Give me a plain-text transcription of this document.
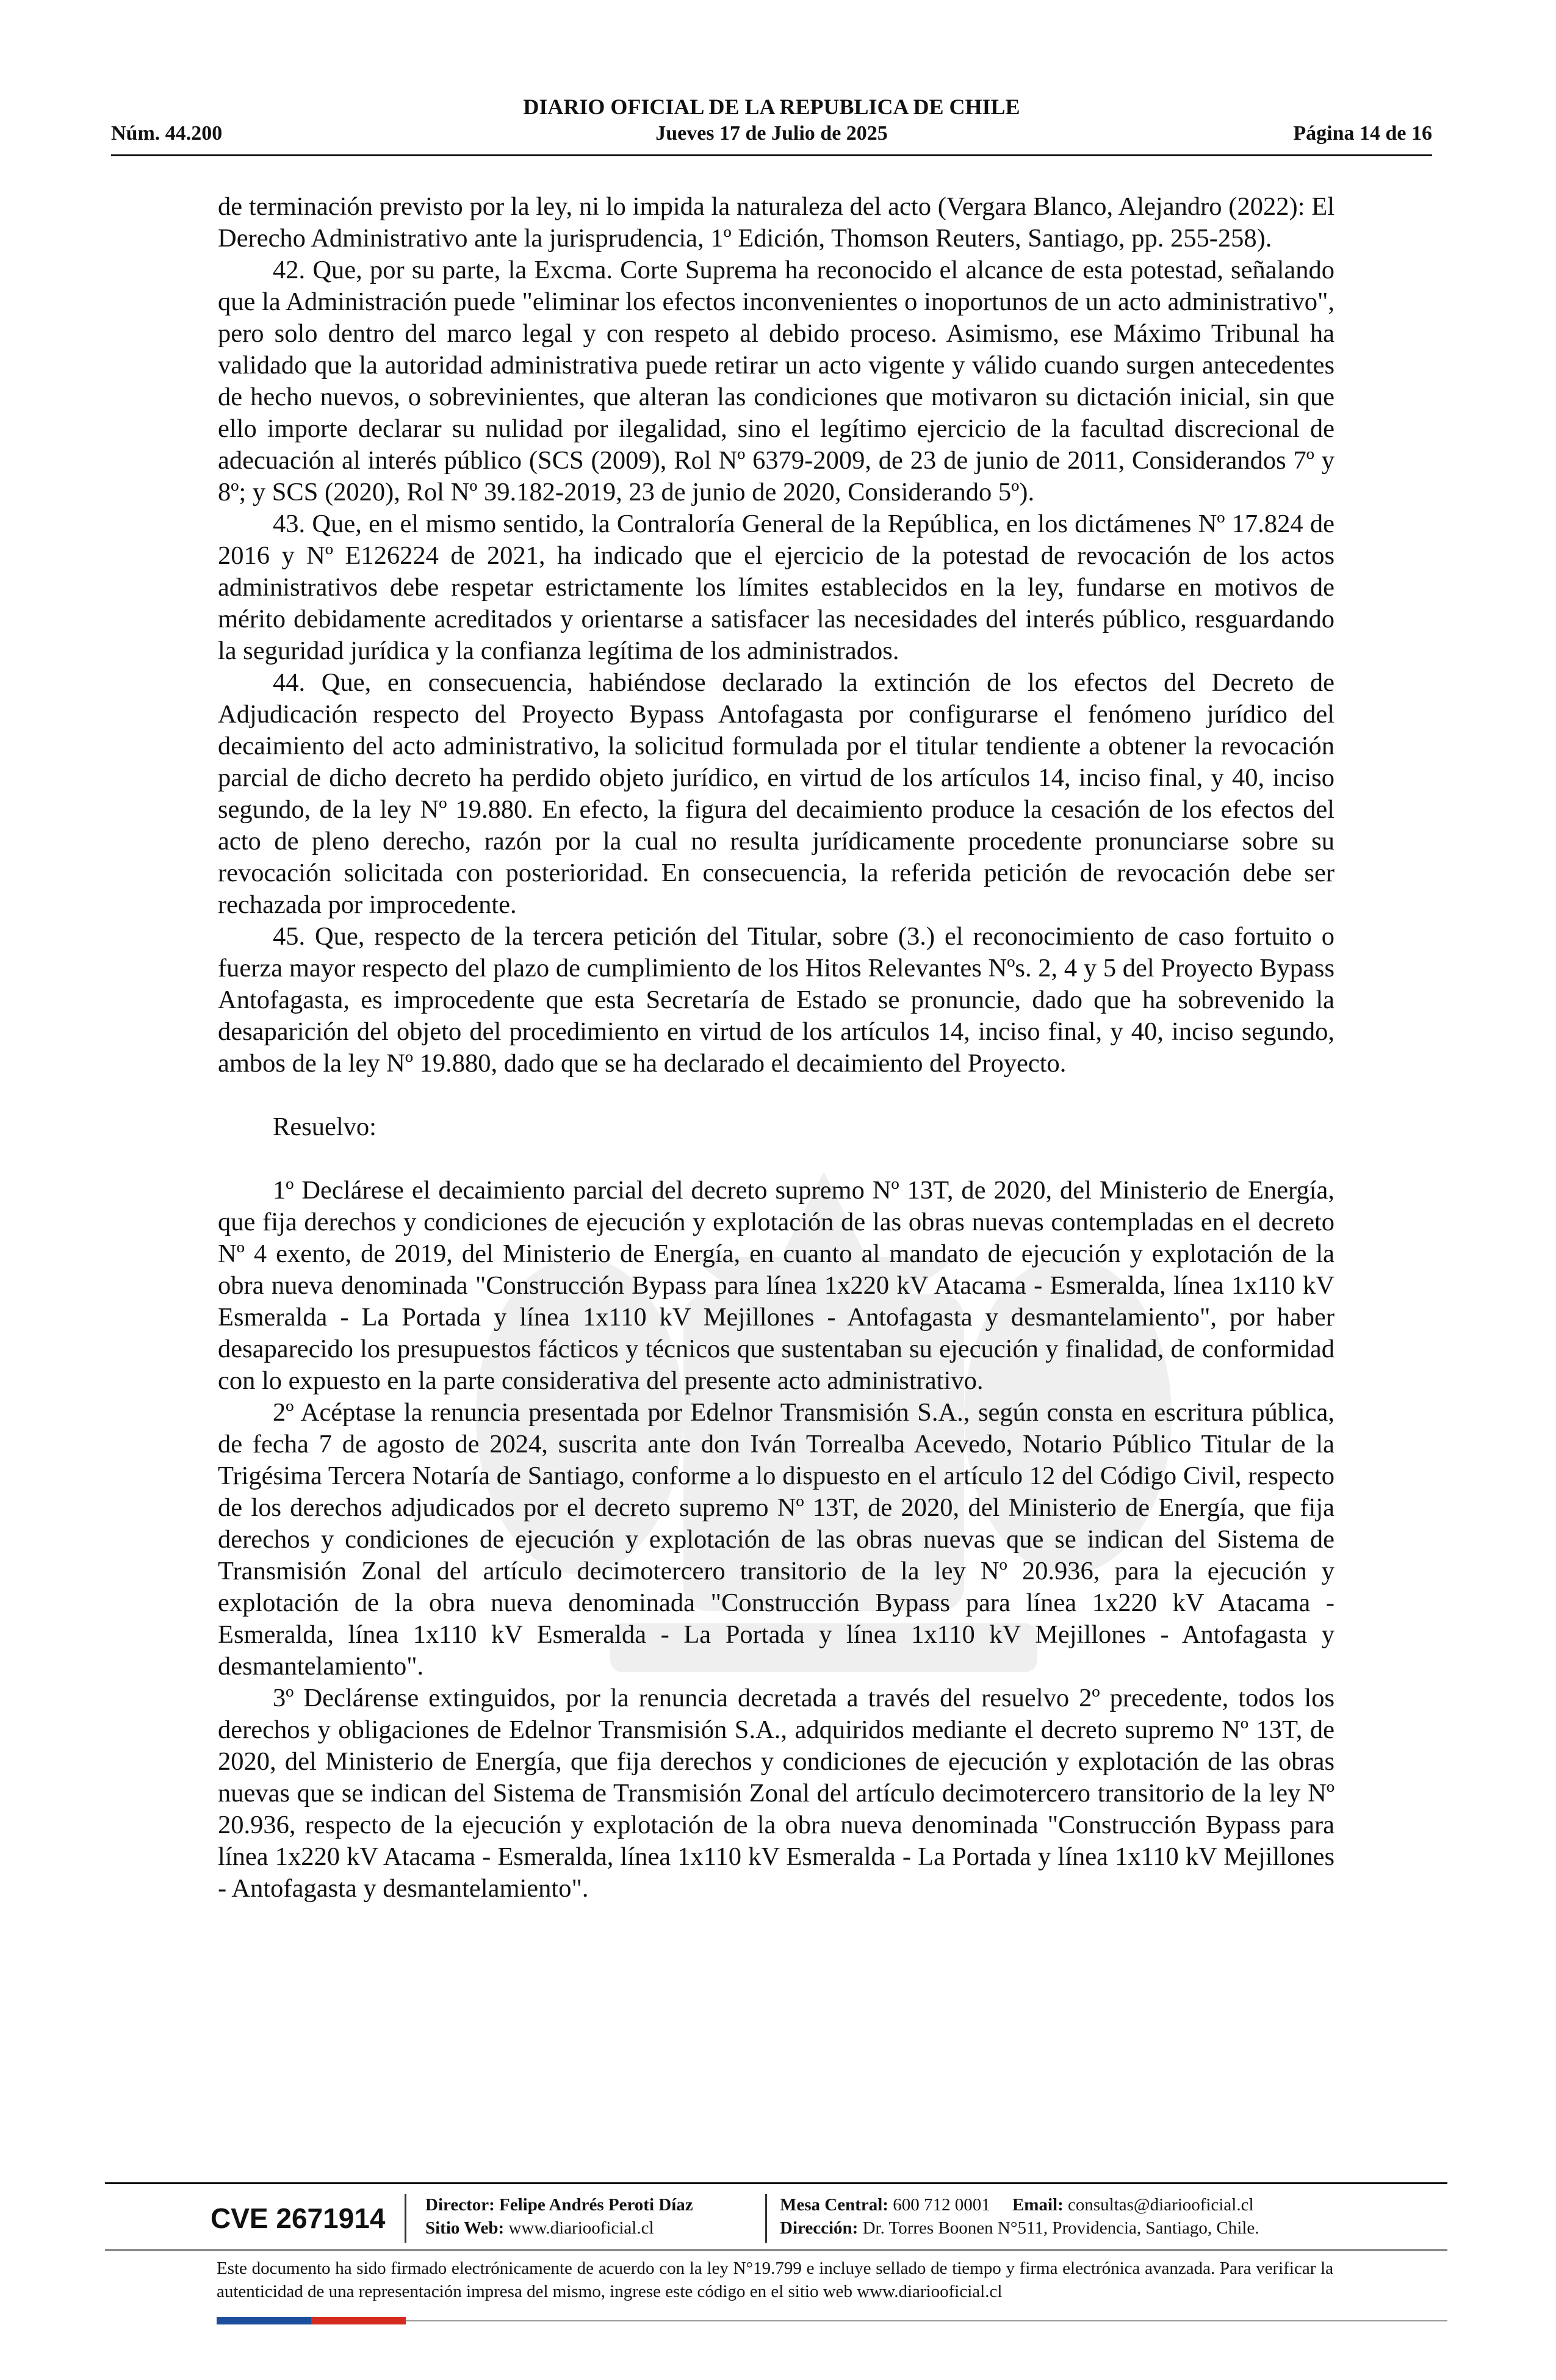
DIARIO OFICIAL DE LA REPUBLICA DE CHILE
Núm. 44.200	Jueves 17 de Julio de 2025	Página 14 de 16

de terminación previsto por la ley, ni lo impida la naturaleza del acto (Vergara Blanco, Alejandro (2022): El Derecho Administrativo ante la jurisprudencia, 1º Edición, Thomson Reuters, Santiago, pp. 255-258).

42. Que, por su parte, la Excma. Corte Suprema ha reconocido el alcance de esta potestad, señalando que la Administración puede "eliminar los efectos inconvenientes o inoportunos de un acto administrativo", pero solo dentro del marco legal y con respeto al debido proceso. Asimismo, ese Máximo Tribunal ha validado que la autoridad administrativa puede retirar un acto vigente y válido cuando surgen antecedentes de hecho nuevos, o sobrevinientes, que alteran las condiciones que motivaron su dictación inicial, sin que ello importe declarar su nulidad por ilegalidad, sino el legítimo ejercicio de la facultad discrecional de adecuación al interés público (SCS (2009), Rol Nº 6379-2009, de 23 de junio de 2011, Considerandos 7º y 8º; y SCS (2020), Rol Nº 39.182-2019, 23 de junio de 2020, Considerando 5º).

43. Que, en el mismo sentido, la Contraloría General de la República, en los dictámenes Nº 17.824 de 2016 y Nº E126224 de 2021, ha indicado que el ejercicio de la potestad de revocación de los actos administrativos debe respetar estrictamente los límites establecidos en la ley, fundarse en motivos de mérito debidamente acreditados y orientarse a satisfacer las necesidades del interés público, resguardando la seguridad jurídica y la confianza legítima de los administrados.

44. Que, en consecuencia, habiéndose declarado la extinción de los efectos del Decreto de Adjudicación respecto del Proyecto Bypass Antofagasta por configurarse el fenómeno jurídico del decaimiento del acto administrativo, la solicitud formulada por el titular tendiente a obtener la revocación parcial de dicho decreto ha perdido objeto jurídico, en virtud de los artículos 14, inciso final, y 40, inciso segundo, de la ley Nº 19.880. En efecto, la figura del decaimiento produce la cesación de los efectos del acto de pleno derecho, razón por la cual no resulta jurídicamente procedente pronunciarse sobre su revocación solicitada con posterioridad. En consecuencia, la referida petición de revocación debe ser rechazada por improcedente.

45. Que, respecto de la tercera petición del Titular, sobre (3.) el reconocimiento de caso fortuito o fuerza mayor respecto del plazo de cumplimiento de los Hitos Relevantes Nºs. 2, 4 y 5 del Proyecto Bypass Antofagasta, es improcedente que esta Secretaría de Estado se pronuncie, dado que ha sobrevenido la desaparición del objeto del procedimiento en virtud de los artículos 14, inciso final, y 40, inciso segundo, ambos de la ley Nº 19.880, dado que se ha declarado el decaimiento del Proyecto.

Resuelvo:

1º Declárese el decaimiento parcial del decreto supremo Nº 13T, de 2020, del Ministerio de Energía, que fija derechos y condiciones de ejecución y explotación de las obras nuevas contempladas en el decreto Nº 4 exento, de 2019, del Ministerio de Energía, en cuanto al mandato de ejecución y explotación de la obra nueva denominada "Construcción Bypass para línea 1x220 kV Atacama - Esmeralda, línea 1x110 kV Esmeralda - La Portada y línea 1x110 kV Mejillones - Antofagasta y desmantelamiento", por haber desaparecido los presupuestos fácticos y técnicos que sustentaban su ejecución y finalidad, de conformidad con lo expuesto en la parte considerativa del presente acto administrativo.

2º Acéptase la renuncia presentada por Edelnor Transmisión S.A., según consta en escritura pública, de fecha 7 de agosto de 2024, suscrita ante don Iván Torrealba Acevedo, Notario Público Titular de la Trigésima Tercera Notaría de Santiago, conforme a lo dispuesto en el artículo 12 del Código Civil, respecto de los derechos adjudicados por el decreto supremo Nº 13T, de 2020, del Ministerio de Energía, que fija derechos y condiciones de ejecución y explotación de las obras nuevas que se indican del Sistema de Transmisión Zonal del artículo decimotercero transitorio de la ley Nº 20.936, para la ejecución y explotación de la obra nueva denominada "Construcción Bypass para línea 1x220 kV Atacama - Esmeralda, línea 1x110 kV Esmeralda - La Portada y línea 1x110 kV Mejillones - Antofagasta y desmantelamiento".

3º Declárense extinguidos, por la renuncia decretada a través del resuelvo 2º precedente, todos los derechos y obligaciones de Edelnor Transmisión S.A., adquiridos mediante el decreto supremo Nº 13T, de 2020, del Ministerio de Energía, que fija derechos y condiciones de ejecución y explotación de las obras nuevas que se indican del Sistema de Transmisión Zonal del artículo decimotercero transitorio de la ley Nº 20.936, respecto de la ejecución y explotación de la obra nueva denominada "Construcción Bypass para línea 1x220 kV Atacama - Esmeralda, línea 1x110 kV Esmeralda - La Portada y línea 1x110 kV Mejillones - Antofagasta y desmantelamiento".

CVE 2671914	Director: Felipe Andrés Peroti Díaz
Sitio Web: www.diariooficial.cl
Mesa Central: 600 712 0001 Email: consultas@diariooficial.cl
Dirección: Dr. Torres Boonen N°511, Providencia, Santiago, Chile.
Este documento ha sido firmado electrónicamente de acuerdo con la ley N°19.799 e incluye sellado de tiempo y firma electrónica avanzada. Para verificar la autenticidad de una representación impresa del mismo, ingrese este código en el sitio web www.diariooficial.cl
